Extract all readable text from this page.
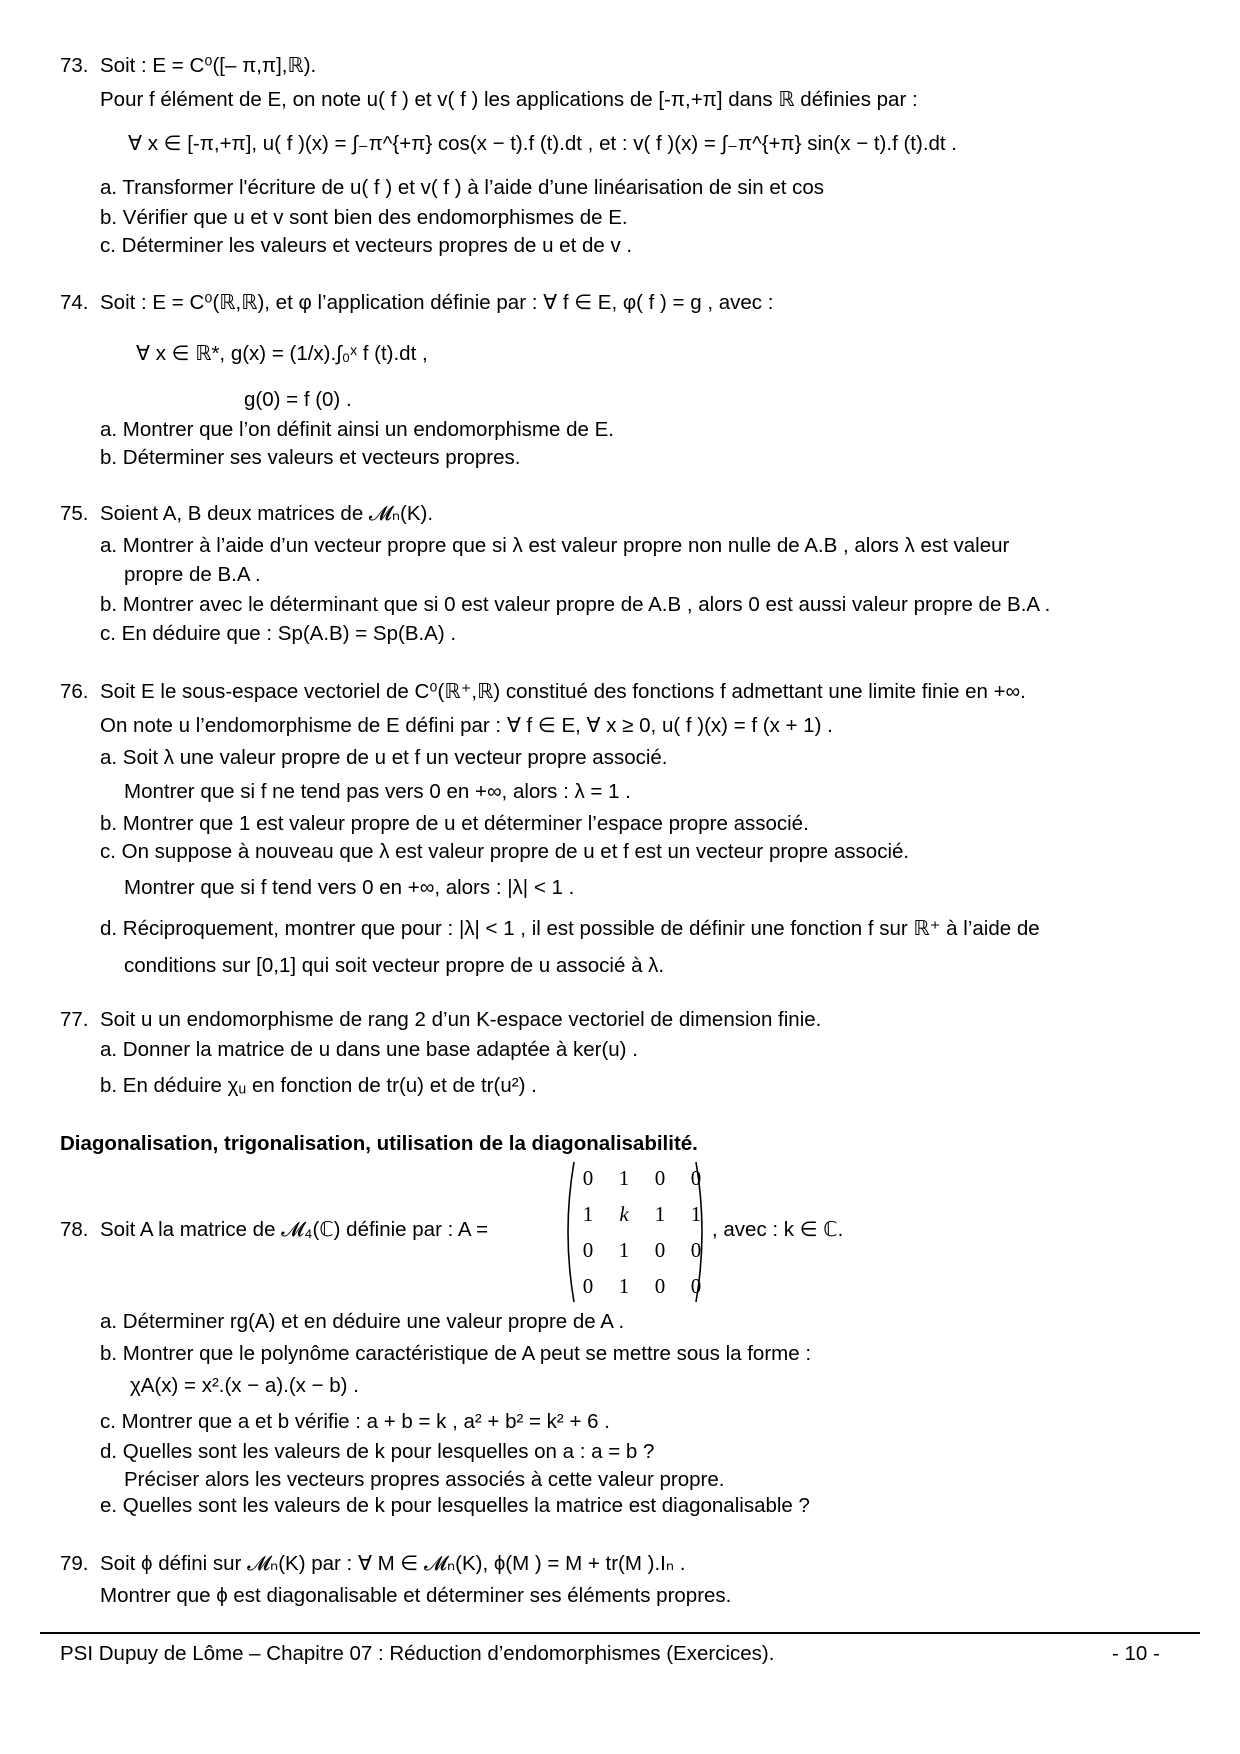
73. Soit : E = C⁰([– π,π],ℝ).
Pour f élément de E, on note u( f ) et v( f ) les applications de [-π,+π] dans ℝ définies par :
∀ x ∈ [-π,+π], u( f )(x) = ∫₋π^{+π} cos(x − t).f (t).dt , et : v( f )(x) = ∫₋π^{+π} sin(x − t).f (t).dt .
a. Transformer l'écriture de u( f ) et v( f ) à l’aide d’une linéarisation de sin et cos
b. Vérifier que u et v sont bien des endomorphismes de E.
c. Déterminer les valeurs et vecteurs propres de u et de v .
74. Soit : E = C⁰(ℝ,ℝ), et φ l’application définie par : ∀ f ∈ E, φ( f ) = g , avec :
∀ x ∈ ℝ*, g(x) = (1/x).∫₀ˣ f (t).dt ,
g(0) = f (0) .
a. Montrer que l’on définit ainsi un endomorphisme de E.
b. Déterminer ses valeurs et vecteurs propres.
75. Soient A, B deux matrices de 𝓜ₙ(K).
a. Montrer à l’aide d’un vecteur propre que si λ est valeur propre non nulle de A.B , alors λ est valeur
propre de B.A .
b. Montrer avec le déterminant que si 0 est valeur propre de A.B , alors 0 est aussi valeur propre de B.A .
c. En déduire que : Sp(A.B) = Sp(B.A) .
76. Soit E le sous-espace vectoriel de C⁰(ℝ⁺,ℝ) constitué des fonctions f admettant une limite finie en +∞.
On note u l’endomorphisme de E défini par : ∀ f ∈ E, ∀ x ≥ 0, u( f )(x) = f (x + 1) .
a. Soit λ une valeur propre de u et f un vecteur propre associé.
Montrer que si f ne tend pas vers 0 en +∞, alors : λ = 1 .
b. Montrer que 1 est valeur propre de u et déterminer l’espace propre associé.
c. On suppose à nouveau que λ est valeur propre de u et f est un vecteur propre associé.
Montrer que si f tend vers 0 en +∞, alors : |λ| < 1 .
d. Réciproquement, montrer que pour : |λ| < 1 , il est possible de définir une fonction f sur ℝ⁺ à l’aide de
conditions sur [0,1] qui soit vecteur propre de u associé à λ.
77. Soit u un endomorphisme de rang 2 d’un K-espace vectoriel de dimension finie.
a. Donner la matrice de u dans une base adaptée à ker(u) .
b. En déduire χᵤ en fonction de tr(u) et de tr(u²) .
Diagonalisation, trigonalisation, utilisation de la diagonalisabilité.
78. Soit A la matrice de 𝓜₄(ℂ) définie par : A =
0	1	0	0
1	k	1	1
0	1	0	0
0	1	0	0
, avec : k ∈ ℂ.
a. Déterminer rg(A) et en déduire une valeur propre de A .
b. Montrer que le polynôme caractéristique de A peut se mettre sous la forme :
χA(x) = x².(x − a).(x − b) .
c. Montrer que a et b vérifie : a + b = k , a² + b² = k² + 6 .
d. Quelles sont les valeurs de k pour lesquelles on a : a = b ?
Préciser alors les vecteurs propres associés à cette valeur propre.
e. Quelles sont les valeurs de k pour lesquelles la matrice est diagonalisable ?
79. Soit ϕ défini sur 𝓜ₙ(K) par : ∀ M ∈ 𝓜ₙ(K), ϕ(M ) = M + tr(M ).Iₙ .
Montrer que ϕ est diagonalisable et déterminer ses éléments propres.
PSI Dupuy de Lôme – Chapitre 07 : Réduction d’endomorphismes (Exercices).	- 10 -
